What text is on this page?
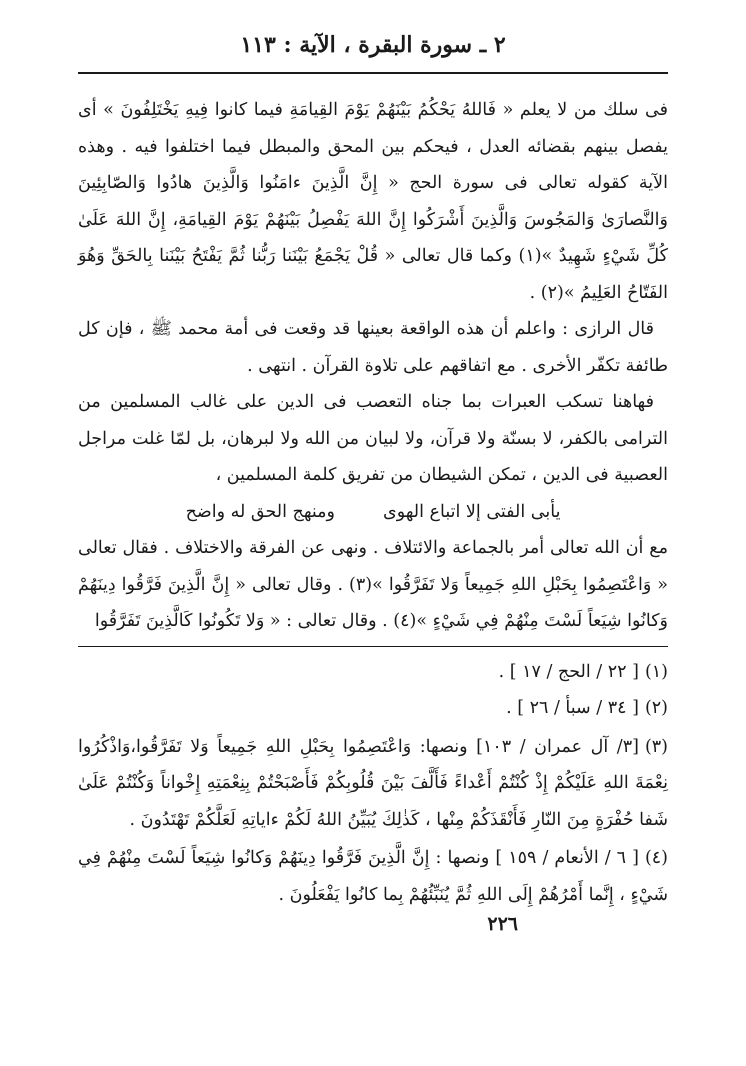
٢ ـ سورة البقرة ، الآية : ١١٣

فى سلك من لا يعلم « فَاللهُ يَحْكُمُ بَيْنَهُمْ يَوْمَ القِيامَةِ فيما كانوا فِيهِ يَخْتَلِفُونَ » أى يفصل بينهم بقضائه العدل ، فيحكم بين المحق والمبطل فيما اختلفوا فيه . وهذه الآية كقوله تعالى فى سورة الحج « إِنَّ الَّذِينَ ءامَنُوا وَالَّذِينَ هادُوا وَالصّابِئِينَ وَالنَّصارَىٰ وَالمَجُوسَ وَالَّذِينَ أَشْرَكُوا إِنَّ اللهَ يَفْصِلُ بَيْنَهُمْ يَوْمَ القِيامَةِ، إِنَّ اللهَ عَلَىٰ كُلِّ شَيْءٍ شَهِيدٌ »(١) وكما قال تعالى « قُلْ يَجْمَعُ بَيْنَنا رَبُّنا ثُمَّ يَفْتَحُ بَيْنَنا بِالحَقِّ وَهُوَ الفَتّاحُ العَلِيمُ »(٢) .

قال الرازى : واعلم أن هذه الواقعة بعينها قد وقعت فى أمة محمد ﷺ ، فإن كل طائفة تكفّر الأخرى . مع اتفاقهم على تلاوة القرآن . انتهى .

فهاهنا تسكب العبرات بما جناه التعصب فى الدين على غالب المسلمين من الترامى بالكفر، لا بسنّة ولا قرآن، ولا لبيان من الله ولا لبرهان، بل لمّا غلت مراجل العصبية فى الدين ، تمكن الشيطان من تفريق كلمة المسلمين ،

يأبى الفتى إلا اتباع الهوى
ومنهج الحق له واضح

مع أن الله تعالى أمر بالجماعة والائتلاف . ونهى عن الفرقة والاختلاف . فقال تعالى « وَاعْتَصِمُوا بِحَبْلِ اللهِ جَمِيعاً وَلا تَفَرَّقُوا »(٣) . وقال تعالى « إِنَّ الَّذِينَ فَرَّقُوا دِينَهُمْ وَكانُوا شِيَعاً لَسْتَ مِنْهُمْ فِي شَيْءٍ »(٤) . وقال تعالى : « وَلا تَكُونُوا كَالَّذِينَ تَفَرَّقُوا

(١)[ ٢٢ / الحج / ١٧ ] .

(٢)[ ٣٤ / سبأ / ٢٦ ] .

(٣)[٣/ آل عمران / ١٠٣] ونصها: وَاعْتَصِمُوا بِحَبْلِ اللهِ جَمِيعاً وَلا تَفَرَّقُوا،وَاذْكُرُوا نِعْمَةَ اللهِ عَلَيْكُمْ إِذْ كُنْتُمْ أَعْداءً فَأَلَّفَ بَيْنَ قُلُوبِكُمْ فَأَصْبَحْتُمْ بِنِعْمَتِهِ إِخْواناً وَكُنْتُمْ عَلَىٰ شَفا حُفْرَةٍ مِنَ النّارِ فَأَنْقَذَكُمْ مِنْها ، كَذٰلِكَ يُبَيِّنُ اللهُ لَكُمْ ءاياتِهِ لَعَلَّكُمْ تَهْتَدُونَ .

(٤)[ ٦ / الأنعام / ١٥٩ ] ونصها : إِنَّ الَّذِينَ فَرَّقُوا دِينَهُمْ وَكانُوا شِيَعاً لَسْتَ مِنْهُمْ فِي شَيْءٍ ، إِنَّما أَمْرُهُمْ إِلَى اللهِ ثُمَّ يُنَبِّئُهُمْ بِما كانُوا يَفْعَلُونَ .

٢٢٦
